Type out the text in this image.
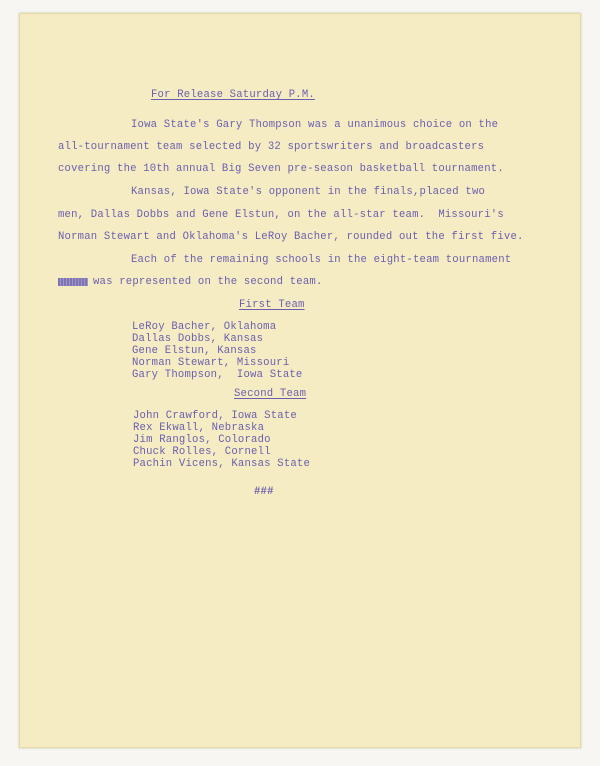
For Release Saturday P.M.
Iowa State's Gary Thompson was a unanimous choice on the
all-tournament team selected by 32 sportswriters and broadcasters
covering the 10th annual Big Seven pre-season basketball tournament.
Kansas, Iowa State's opponent in the finals,placed two
men, Dallas Dobbs and Gene Elstun, on the all-star team.  Missouri's
Norman Stewart and Oklahoma's LeRoy Bacher, rounded out the first five.
Each of the remaining schools in the eight-team tournament
was represented on the second team.
First Team
LeRoy Bacher, Oklahoma
Dallas Dobbs, Kansas
Gene Elstun, Kansas
Norman Stewart, Missouri
Gary Thompson,  Iowa State
Second Team
John Crawford, Iowa State
Rex Ekwall, Nebraska
Jim Ranglos, Colorado
Chuck Rolles, Cornell
Pachin Vicens, Kansas State
###
